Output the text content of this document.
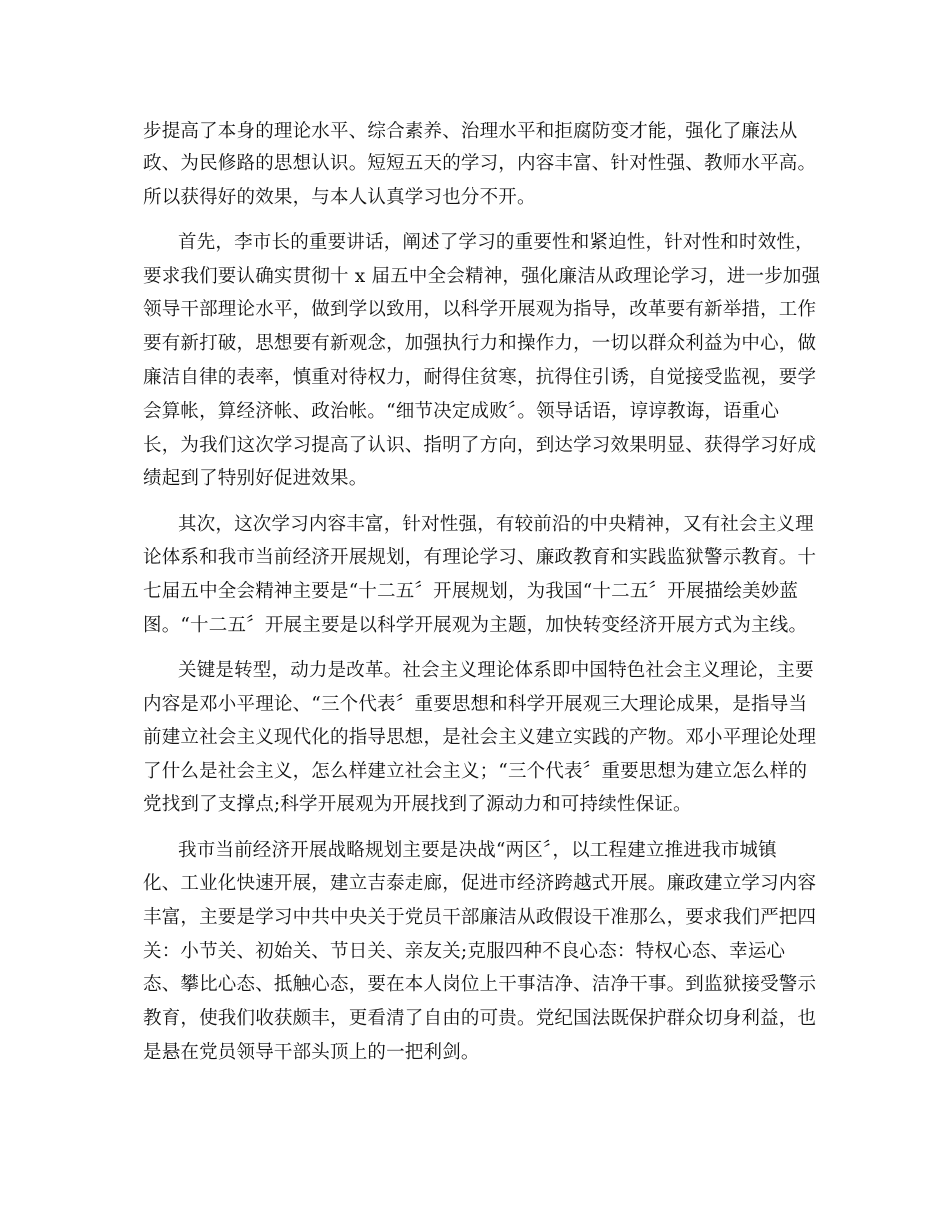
步提高了本身的理论水平、综合素养、治理水平和拒腐防变才能，强化了廉法从
政、为民修路的思想认识。短短五天的学习，内容丰富、针对性强、教师水平高。
所以获得好的效果，与本人认真学习也分不开。
首先，李市长的重要讲话，阐述了学习的重要性和紧迫性，针对性和时效性，
要求我们要认确实贯彻十 x 届五中全会精神，强化廉洁从政理论学习，进一步加强
领导干部理论水平，做到学以致用，以科学开展观为指导，改革要有新举措，工作
要有新打破，思想要有新观念，加强执行力和操作力，一切以群众利益为中心，做
廉洁自律的表率，慎重对待权力，耐得住贫寒，抗得住引诱，自觉接受监视，要学
会算帐，算经济帐、政治帐。“细节决定成败〞。领导话语，谆谆教诲，语重心
长，为我们这次学习提高了认识、指明了方向，到达学习效果明显、获得学习好成
绩起到了特别好促进效果。
其次，这次学习内容丰富，针对性强，有较前沿的中央精神，又有社会主义理
论体系和我市当前经济开展规划，有理论学习、廉政教育和实践监狱警示教育。十
七届五中全会精神主要是“十二五〞开展规划，为我国“十二五〞开展描绘美妙蓝
图。“十二五〞开展主要是以科学开展观为主题，加快转变经济开展方式为主线。
关键是转型，动力是改革。社会主义理论体系即中国特色社会主义理论，主要
内容是邓小平理论、“三个代表〞重要思想和科学开展观三大理论成果，是指导当
前建立社会主义现代化的指导思想，是社会主义建立实践的产物。邓小平理论处理
了什么是社会主义，怎么样建立社会主义；“三个代表〞重要思想为建立怎么样的
党找到了支撑点;科学开展观为开展找到了源动力和可持续性保证。
我市当前经济开展战略规划主要是决战“两区〞，以工程建立推进我市城镇
化、工业化快速开展，建立吉泰走廊，促进市经济跨越式开展。廉政建立学习内容
丰富，主要是学习中共中央关于党员干部廉洁从政假设干准那么，要求我们严把四
关：小节关、初始关、节日关、亲友关;克服四种不良心态：特权心态、幸运心
态、攀比心态、抵触心态，要在本人岗位上干事洁净、洁净干事。到监狱接受警示
教育，使我们收获颇丰，更看清了自由的可贵。党纪国法既保护群众切身利益，也
是悬在党员领导干部头顶上的一把利剑。
